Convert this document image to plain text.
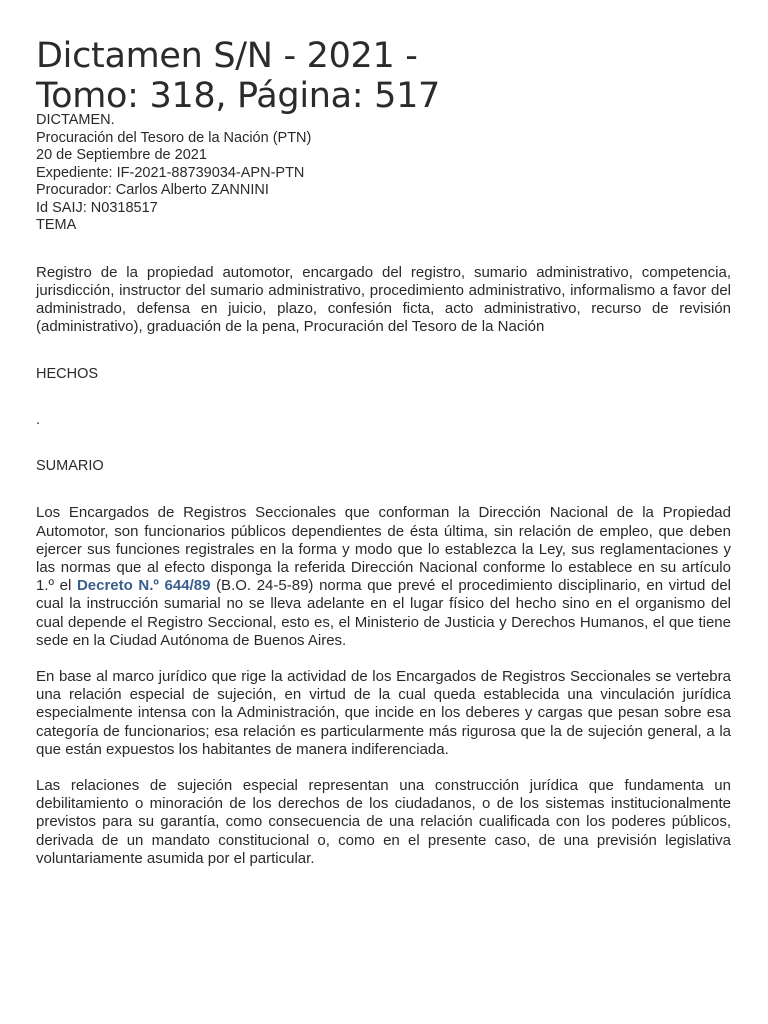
Dictamen S/N - 2021 -
Tomo: 318, Página: 517
DICTAMEN.
Procuración del Tesoro de la Nación (PTN)
20 de Septiembre de 2021
Expediente: IF-2021-88739034-APN-PTN
Procurador: Carlos Alberto ZANNINI
Id SAIJ: N0318517
TEMA

Registro de la propiedad automotor, encargado del registro, sumario administrativo, competencia, jurisdicción, instructor del sumario administrativo, procedimiento administrativo, informalismo a favor del administrado, defensa en juicio, plazo, confesión ficta, acto administrativo, recurso de revisión (administrativo), graduación de la pena, Procuración del Tesoro de la Nación

HECHOS

.

SUMARIO

Los Encargados de Registros Seccionales que conforman la Dirección Nacional de la Propiedad Automotor, son funcionarios públicos dependientes de ésta última, sin relación de empleo, que deben ejercer sus funciones registrales en la forma y modo que lo establezca la Ley, sus reglamentaciones y las normas que al efecto disponga la referida Dirección Nacional conforme lo establece en su artículo 1.º el Decreto N.º 644/89 (B.O. 24-5-89) norma que prevé el procedimiento disciplinario, en virtud del cual la instrucción sumarial no se lleva adelante en el lugar físico del hecho sino en el organismo del cual depende el Registro Seccional, esto es, el Ministerio de Justicia y Derechos Humanos, el que tiene sede en la Ciudad Autónoma de Buenos Aires.

En base al marco jurídico que rige la actividad de los Encargados de Registros Seccionales se vertebra una relación especial de sujeción, en virtud de la cual queda establecida una vinculación jurídica especialmente intensa con la Administración, que incide en los deberes y cargas que pesan sobre esa categoría de funcionarios; esa relación es particularmente más rigurosa que la de sujeción general, a la que están expuestos los habitantes de manera indiferenciada.

Las relaciones de sujeción especial representan una construcción jurídica que fundamenta un debilitamiento o minoración de los derechos de los ciudadanos, o de los sistemas institucionalmente previstos para su garantía, como consecuencia de una relación cualificada con los poderes públicos, derivada de un mandato constitucional o, como en el presente caso, de una previsión legislativa voluntariamente asumida por el particular.
